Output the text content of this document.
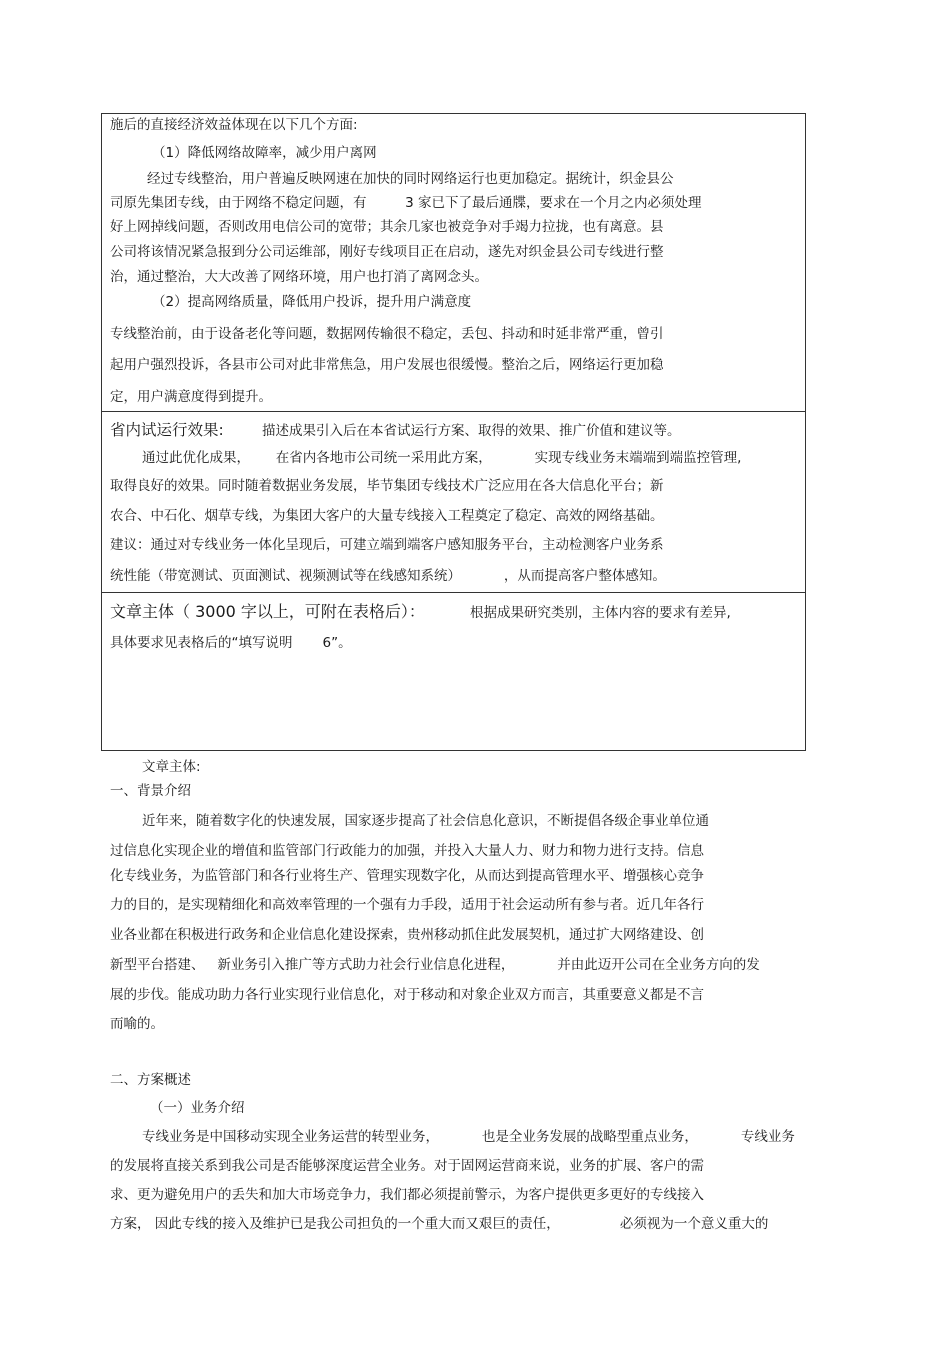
施后的直接经济效益体现在以下几个方面:
（1）降低网络故障率，减少用户离网
经过专线整治，用户普遍反映网速在加快的同时网络运行也更加稳定。据统计，织金县公
司原先集团专线，由于网络不稳定问题，有         3 家已下了最后通牒，要求在一个月之内必须处理
好上网掉线问题，否则改用电信公司的宽带；其余几家也被竞争对手竭力拉拢，也有离意。县
公司将该情况紧急报到分公司运维部，刚好专线项目正在启动，遂先对织金县公司专线进行整
治，通过整治，大大改善了网络环境，用户也打消了离网念头。
（2）提高网络质量，降低用户投诉，提升用户满意度
专线整治前，由于设备老化等问题，数据网传输很不稳定，丢包、抖动和时延非常严重，曾引
起用户强烈投诉，各县市公司对此非常焦急，用户发展也很缓慢。整治之后，网络运行更加稳
定，用户满意度得到提升。
省内试运行效果:	描述成果引入后在本省试运行方案、取得的效果、推广价值和建议等。
通过此优化成果，      在省内各地市公司统一采用此方案，          实现专线业务末端端到端监控管理,
取得良好的效果。同时随着数据业务发展，毕节集团专线技术广泛应用在各大信息化平台；新
农合、中石化、烟草专线，为集团大客户的大量专线接入工程奠定了稳定、高效的网络基础。
建议：通过对专线业务一体化呈现后，可建立端到端客户感知服务平台，主动检测客户业务系
统性能（带宽测试、页面测试、视频测试等在线感知系统）          ，从而提高客户整体感知。
文章主体（ 3000 字以上，可附在表格后）：	根据成果研究类别，主体内容的要求有差异,
具体要求见表格后的“填写说明       6”。
文章主体:
一、背景介绍
近年来，随着数字化的快速发展，国家逐步提高了社会信息化意识，不断提倡各级企事业单位通
过信息化实现企业的增值和监管部门行政能力的加强，并投入大量人力、财力和物力进行支持。信息
化专线业务，为监管部门和各行业将生产、管理实现数字化，从而达到提高管理水平、增强核心竞争
力的目的，是实现精细化和高效率管理的一个强有力手段，适用于社会运动所有参与者。近几年各行
业各业都在积极进行政务和企业信息化建设探索，贵州移动抓住此发展契机，通过扩大网络建设、创
新型平台搭建、   新业务引入推广等方式助力社会行业信息化进程，          并由此迈开公司在全业务方向的发
展的步伐。能成功助力各行业实现行业信息化，对于移动和对象企业双方而言，其重要意义都是不言
而喻的。
二、方案概述
（一）业务介绍
专线业务是中国移动实现全业务运营的转型业务，          也是全业务发展的战略型重点业务，          专线业务
的发展将直接关系到我公司是否能够深度运营全业务。对于固网运营商来说，业务的扩展、客户的需
求、更为避免用户的丢失和加大市场竞争力，我们都必须提前警示，为客户提供更多更好的专线接入
方案， 因此专线的接入及维护已是我公司担负的一个重大而又艰巨的责任，              必须视为一个意义重大的
